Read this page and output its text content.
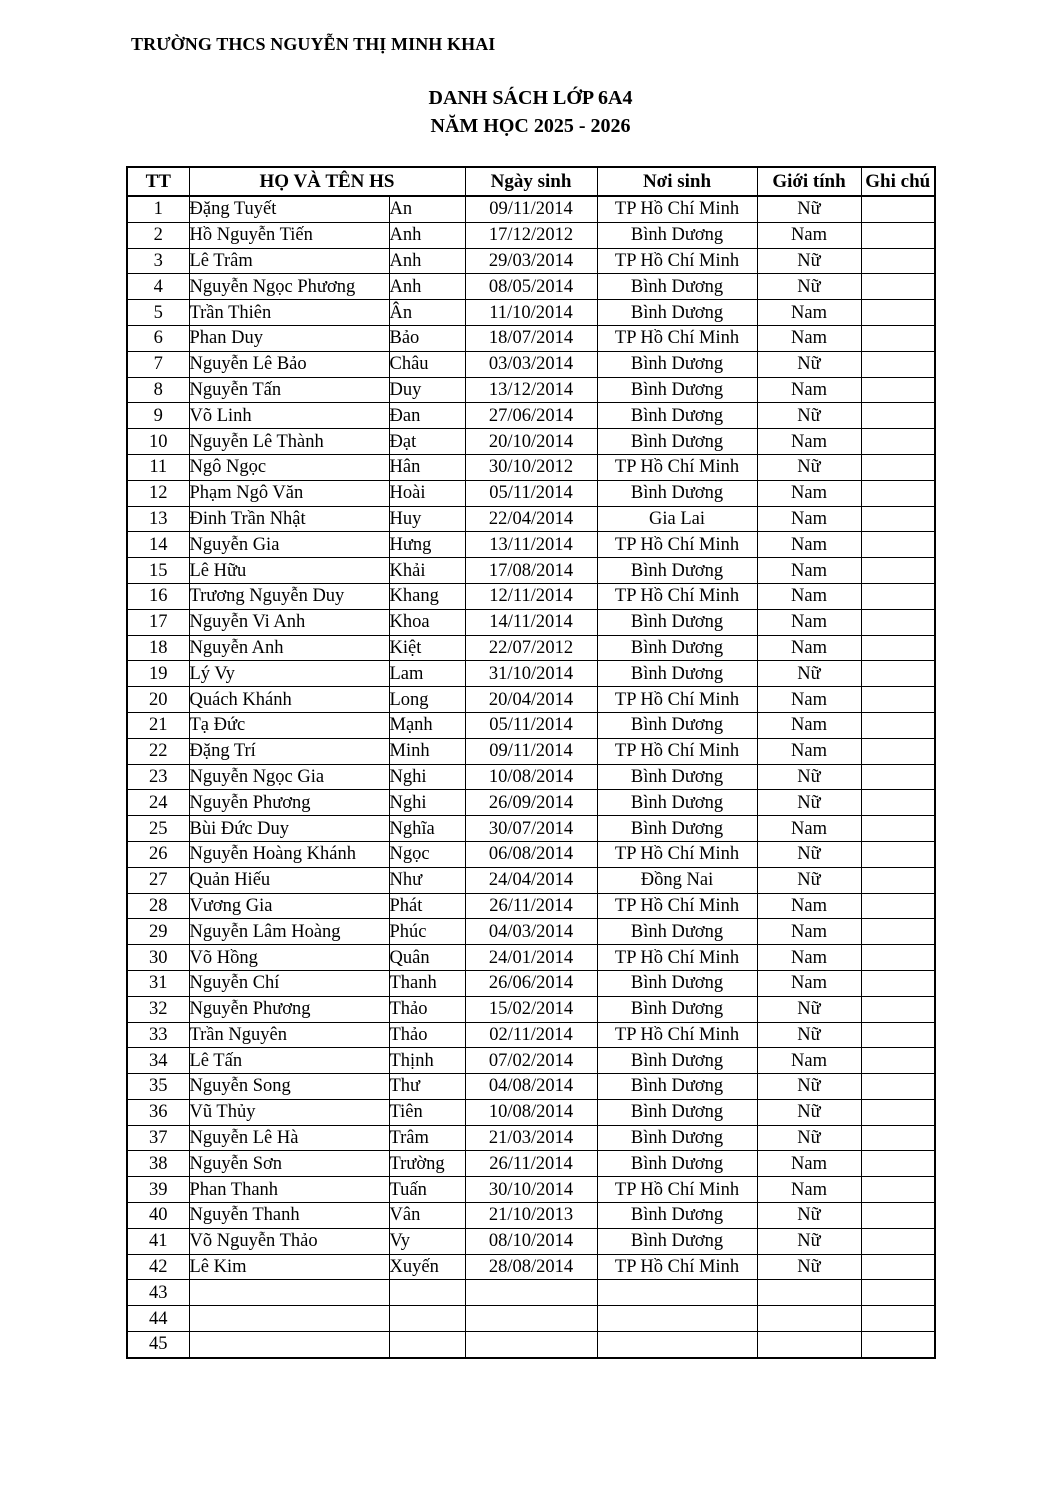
TRƯỜNG THCS NGUYỄN THỊ MINH KHAI
DANH SÁCH LỚP 6A4
NĂM HỌC 2025 - 2026
TT	HỌ VÀ TÊN HS		Ngày sinh	Nơi sinh	Giới tính	Ghi chú
1	Đặng Tuyết	An	09/11/2014	TP Hồ Chí Minh	Nữ	
2	Hồ Nguyễn Tiến	Anh	17/12/2012	Bình Dương	Nam	
3	Lê Trâm	Anh	29/03/2014	TP Hồ Chí Minh	Nữ	
4	Nguyễn Ngọc Phương	Anh	08/05/2014	Bình Dương	Nữ	
5	Trần Thiên	Ân	11/10/2014	Bình Dương	Nam	
6	Phan Duy	Bảo	18/07/2014	TP Hồ Chí Minh	Nam	
7	Nguyễn Lê Bảo	Châu	03/03/2014	Bình Dương	Nữ	
8	Nguyễn Tấn	Duy	13/12/2014	Bình Dương	Nam	
9	Võ Linh	Đan	27/06/2014	Bình Dương	Nữ	
10	Nguyễn Lê Thành	Đạt	20/10/2014	Bình Dương	Nam	
11	Ngô Ngọc	Hân	30/10/2012	TP Hồ Chí Minh	Nữ	
12	Phạm Ngô Văn	Hoài	05/11/2014	Bình Dương	Nam	
13	Đinh Trần Nhật	Huy	22/04/2014	Gia Lai	Nam	
14	Nguyễn Gia	Hưng	13/11/2014	TP Hồ Chí Minh	Nam	
15	Lê Hữu	Khải	17/08/2014	Bình Dương	Nam	
16	Trương Nguyễn Duy	Khang	12/11/2014	TP Hồ Chí Minh	Nam	
17	Nguyễn Vi Anh	Khoa	14/11/2014	Bình Dương	Nam	
18	Nguyễn Anh	Kiệt	22/07/2012	Bình Dương	Nam	
19	Lý Vy	Lam	31/10/2014	Bình Dương	Nữ	
20	Quách Khánh	Long	20/04/2014	TP Hồ Chí Minh	Nam	
21	Tạ Đức	Mạnh	05/11/2014	Bình Dương	Nam	
22	Đặng Trí	Minh	09/11/2014	TP Hồ Chí Minh	Nam	
23	Nguyễn Ngọc Gia	Nghi	10/08/2014	Bình Dương	Nữ	
24	Nguyễn Phương	Nghi	26/09/2014	Bình Dương	Nữ	
25	Bùi Đức Duy	Nghĩa	30/07/2014	Bình Dương	Nam	
26	Nguyễn Hoàng Khánh	Ngọc	06/08/2014	TP Hồ Chí Minh	Nữ	
27	Quản Hiếu	Như	24/04/2014	Đồng Nai	Nữ	
28	Vương Gia	Phát	26/11/2014	TP Hồ Chí Minh	Nam	
29	Nguyễn Lâm Hoàng	Phúc	04/03/2014	Bình Dương	Nam	
30	Võ Hồng	Quân	24/01/2014	TP Hồ Chí Minh	Nam	
31	Nguyễn Chí	Thanh	26/06/2014	Bình Dương	Nam	
32	Nguyễn Phương	Thảo	15/02/2014	Bình Dương	Nữ	
33	Trần Nguyên	Thảo	02/11/2014	TP Hồ Chí Minh	Nữ	
34	Lê Tấn	Thịnh	07/02/2014	Bình Dương	Nam	
35	Nguyễn Song	Thư	04/08/2014	Bình Dương	Nữ	
36	Vũ Thủy	Tiên	10/08/2014	Bình Dương	Nữ	
37	Nguyễn Lê Hà	Trâm	21/03/2014	Bình Dương	Nữ	
38	Nguyễn Sơn	Trường	26/11/2014	Bình Dương	Nam	
39	Phan Thanh	Tuấn	30/10/2014	TP Hồ Chí Minh	Nam	
40	Nguyễn Thanh	Vân	21/10/2013	Bình Dương	Nữ	
41	Võ Nguyễn Thảo	Vy	08/10/2014	Bình Dương	Nữ	
42	Lê Kim	Xuyến	28/08/2014	TP Hồ Chí Minh	Nữ	
43						
44						
45						
